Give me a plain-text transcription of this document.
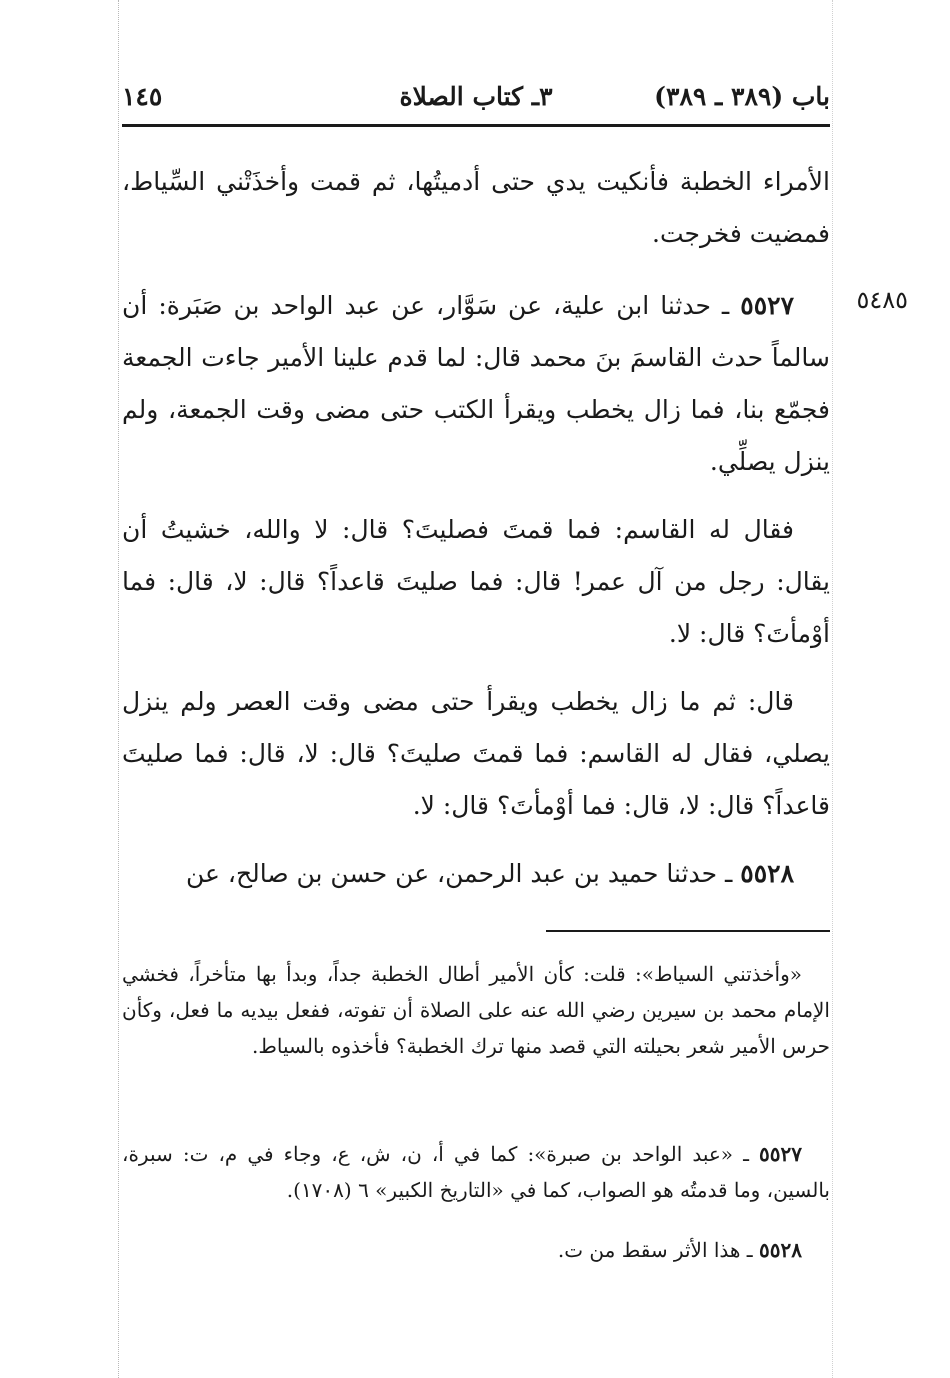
باب (٣٨٩ ـ ٣٨٩)
٣ـ كتاب الصلاة
١٤٥

الأمراء الخطبة فأنكيت يدي حتى أدميتُها، ثم قمت وأخذَتْني السِّياط، فمضيت فخرجت.

٥٤٨٥

٥٥٢٧ ـ حدثنا ابن علية، عن سَوَّار، عن عبد الواحد بن صَبَرة: أن سالماً حدث القاسمَ بنَ محمد قال: لما قدم علينا الأمير جاءت الجمعة فجمّع بنا، فما زال يخطب ويقرأ الكتب حتى مضى وقت الجمعة، ولم ينزل يصلِّي.

فقال له القاسم: فما قمتَ فصليتَ؟ قال: لا والله، خشيتُ أن يقال: رجل من آل عمر! قال: فما صليتَ قاعداً؟ قال: لا، قال: فما أوْمأتَ؟ قال: لا.

قال: ثم ما زال يخطب ويقرأ حتى مضى وقت العصر ولم ينزل يصلي، فقال له القاسم: فما قمتَ صليتَ؟ قال: لا، قال: فما صليتَ قاعداً؟ قال: لا، قال: فما أوْمأتَ؟ قال: لا.

٥٥٢٨ ـ حدثنا حميد بن عبد الرحمن، عن حسن بن صالح، عن

«وأخذتني السياط»: قلت: كأن الأمير أطال الخطبة جداً، وبدأ بها متأخراً، فخشي الإمام محمد بن سيرين رضي الله عنه على الصلاة أن تفوته، ففعل بيديه ما فعل، وكأن حرس الأمير شعر بحيلته التي قصد منها ترك الخطبة؟ فأخذوه بالسياط.

٥٥٢٧ ـ «عبد الواحد بن صبرة»: كما في أ، ن، ش، ع، وجاء في م، ت: سبرة، بالسين، وما قدمتُه هو الصواب، كما في «التاريخ الكبير» ٦ (١٧٠٨).

٥٥٢٨ ـ هذا الأثر سقط من ت.
